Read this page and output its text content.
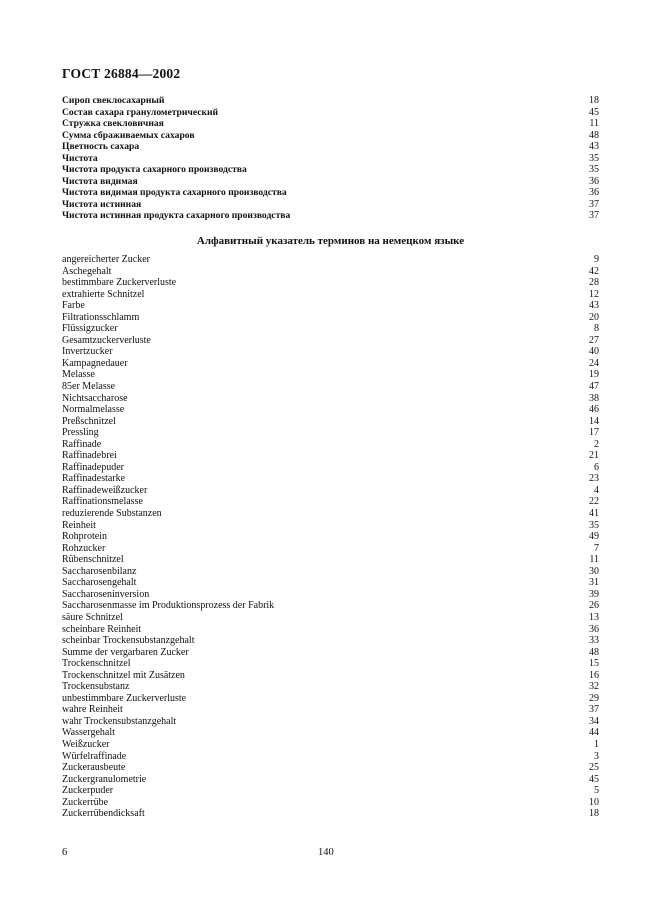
ГОСТ 26884—2002
Сироп свеклосахарный	18
Состав сахара гранулометрический	45
Стружка свекловичная	11
Сумма сбраживаемых сахаров	48
Цветность сахара	43
Чистота	35
Чистота продукта сахарного производства	35
Чистота видимая	36
Чистота видимая продукта сахарного производства	36
Чистота истинная	37
Чистота истинная продукта сахарного производства	37
Алфавитный указатель терминов на немецком языке
angereicherter Zucker	9
Aschegehalt	42
bestimmbare Zuckerverluste	28
extrahierte Schnitzel	12
Farbe	43
Filtrationsschlamm	20
Flüssigzucker	8
Gesamtzuckerverluste	27
Invertzucker	40
Kampagnedauer	24
Melasse	19
85er Melasse	47
Nichtsaccharose	38
Normalmelasse	46
Preßschnitzel	14
Pressling	17
Raffinade	2
Raffinadebrei	21
Raffinadepuder	6
Raffinadestarke	23
Raffinadeweißzucker	4
Raffinationsmelasse	22
reduzierende Substanzen	41
Reinheit	35
Rohprotein	49
Rohzucker	7
Rübenschnitzel	11
Saccharosenbilanz	30
Saccharosengehalt	31
Saccharoseninversion	39
Saccharosenmasse im Produktionsprozess der Fabrik	26
säure Schnitzel	13
scheinbare Reinheit	36
scheinbar Trockensubstanzgehalt	33
Summe der vergarbaren Zucker	48
Trockenschnitzel	15
Trockenschnitzel mit Zusätzen	16
Trockensubstanz	32
unbestimmbare Zuckerverluste	29
wahre Reinheit	37
wahr Trockensubstanzgehalt	34
Wassergehalt	44
Weißzucker	1
Würfelraffinade	3
Zuckerausbeute	25
Zuckergranulometrie	45
Zuckerpuder	5
Zuckerrübe	10
Zuckerrübendicksaft	18
6	140
